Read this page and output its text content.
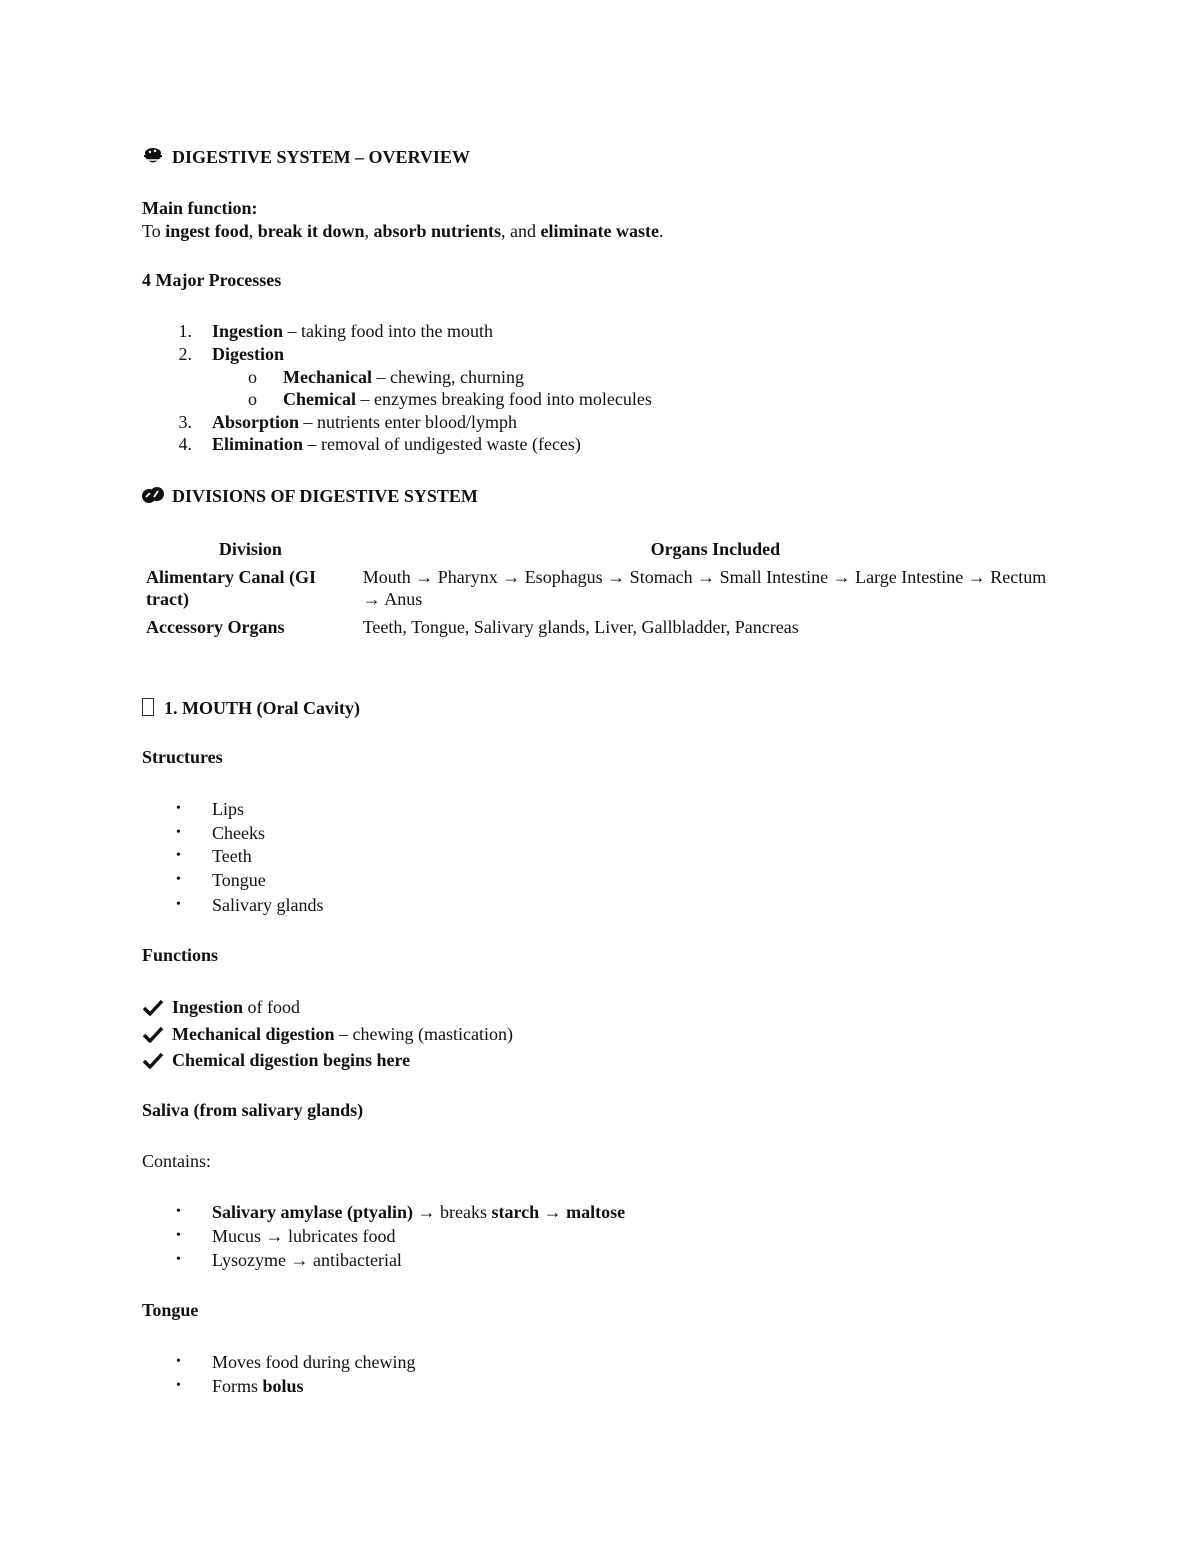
DIGESTIVE SYSTEM – OVERVIEW
Main function:
To ingest food, break it down, absorb nutrients, and eliminate waste.
4 Major Processes
1. Ingestion – taking food into the mouth
2. Digestion
o Mechanical – chewing, churning
o Chemical – enzymes breaking food into molecules
3. Absorption – nutrients enter blood/lymph
4. Elimination – removal of undigested waste (feces)
DIVISIONS OF DIGESTIVE SYSTEM
Division	Organs Included
Alimentary Canal (GI tract)	Mouth → Pharynx → Esophagus → Stomach → Small Intestine → Large Intestine → Rectum → Anus
Accessory Organs	Teeth, Tongue, Salivary glands, Liver, Gallbladder, Pancreas
1. MOUTH (Oral Cavity)
Structures
• Lips
• Cheeks
• Teeth
• Tongue
• Salivary glands
Functions
Ingestion of food
Mechanical digestion – chewing (mastication)
Chemical digestion begins here
Saliva (from salivary glands)
Contains:
• Salivary amylase (ptyalin) → breaks starch → maltose
• Mucus → lubricates food
• Lysozyme → antibacterial
Tongue
• Moves food during chewing
• Forms bolus
